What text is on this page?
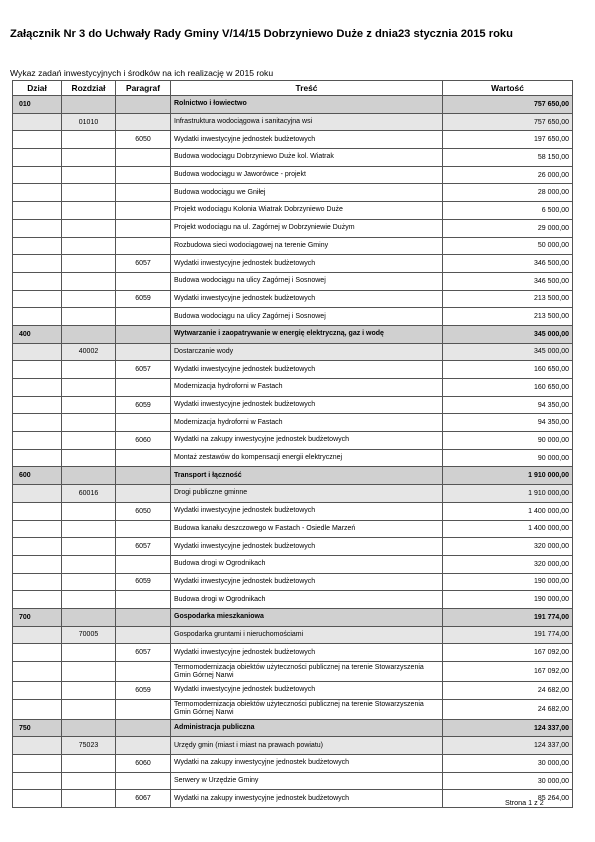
Załącznik Nr 3 do Uchwały Rady Gminy V/14/15 Dobrzyniewo Duże z dnia23 stycznia 2015 roku
Wykaz zadań inwestycyjnych i środków na ich realizację w 2015 roku
Dział	Rozdział	Paragraf	Treść	Wartość
010			Rolnictwo i łowiectwo	757 650,00
	01010		Infrastruktura wodociągowa i sanitacyjna wsi	757 650,00
		6050	Wydatki inwestycyjne jednostek budżetowych	197 650,00
			Budowa wodociągu Dobrzyniewo Duże kol. Wiatrak	58 150,00
			Budowa wodociągu w Jaworówce - projekt	26 000,00
			Budowa wodociągu we Gniłej	28 000,00
			Projekt wodociągu Kolonia Wiatrak Dobrzyniewo Duże	6 500,00
			Projekt wodociągu na ul. Zagórnej w Dobrzyniewie Dużym	29 000,00
			Rozbudowa sieci wodociągowej na terenie Gminy	50 000,00
		6057	Wydatki inwestycyjne jednostek budżetowych	346 500,00
			Budowa wodociągu na ulicy Zagórnej i Sosnowej	346 500,00
		6059	Wydatki inwestycyjne jednostek budżetowych	213 500,00
			Budowa wodociągu na ulicy Zagórnej i Sosnowej	213 500,00
400			Wytwarzanie i zaopatrywanie w energię elektryczną, gaz i wodę	345 000,00
	40002		Dostarczanie wody	345 000,00
		6057	Wydatki inwestycyjne jednostek budżetowych	160 650,00
			Modernizacja hydroforni w Fastach	160 650,00
		6059	Wydatki inwestycyjne jednostek budżetowych	94 350,00
			Modernizacja hydroforni w Fastach	94 350,00
		6060	Wydatki na zakupy inwestycyjne jednostek budżetowych	90 000,00
			Montaż zestawów do kompensacji energii elektrycznej	90 000,00
600			Transport i łączność	1 910 000,00
	60016		Drogi publiczne gminne	1 910 000,00
		6050	Wydatki inwestycyjne jednostek budżetowych	1 400 000,00
			Budowa kanału deszczowego w Fastach - Osiedle Marzeń	1 400 000,00
		6057	Wydatki inwestycyjne jednostek budżetowych	320 000,00
			Budowa drogi w Ogrodnikach	320 000,00
		6059	Wydatki inwestycyjne jednostek budżetowych	190 000,00
			Budowa drogi w Ogrodnikach	190 000,00
700			Gospodarka mieszkaniowa	191 774,00
	70005		Gospodarka gruntami i nieruchomościami	191 774,00
		6057	Wydatki inwestycyjne jednostek budżetowych	167 092,00
			Termomodernizacja obiektów użyteczności publicznej na terenie Stowarzyszenia Gmin Górnej Narwi	167 092,00
		6059	Wydatki inwestycyjne jednostek budżetowych	24 682,00
			Termomodernizacja obiektów użyteczności publicznej na terenie Stowarzyszenia Gmin Górnej Narwi	24 682,00
750			Administracja publiczna	124 337,00
	75023		Urzędy gmin (miast i miast na prawach powiatu)	124 337,00
		6060	Wydatki na zakupy inwestycyjne jednostek budżetowych	30 000,00
			Serwery w Urzędzie Gminy	30 000,00
		6067	Wydatki na zakupy inwestycyjne jednostek budżetowych	85 264,00
Strona 1 z 2
